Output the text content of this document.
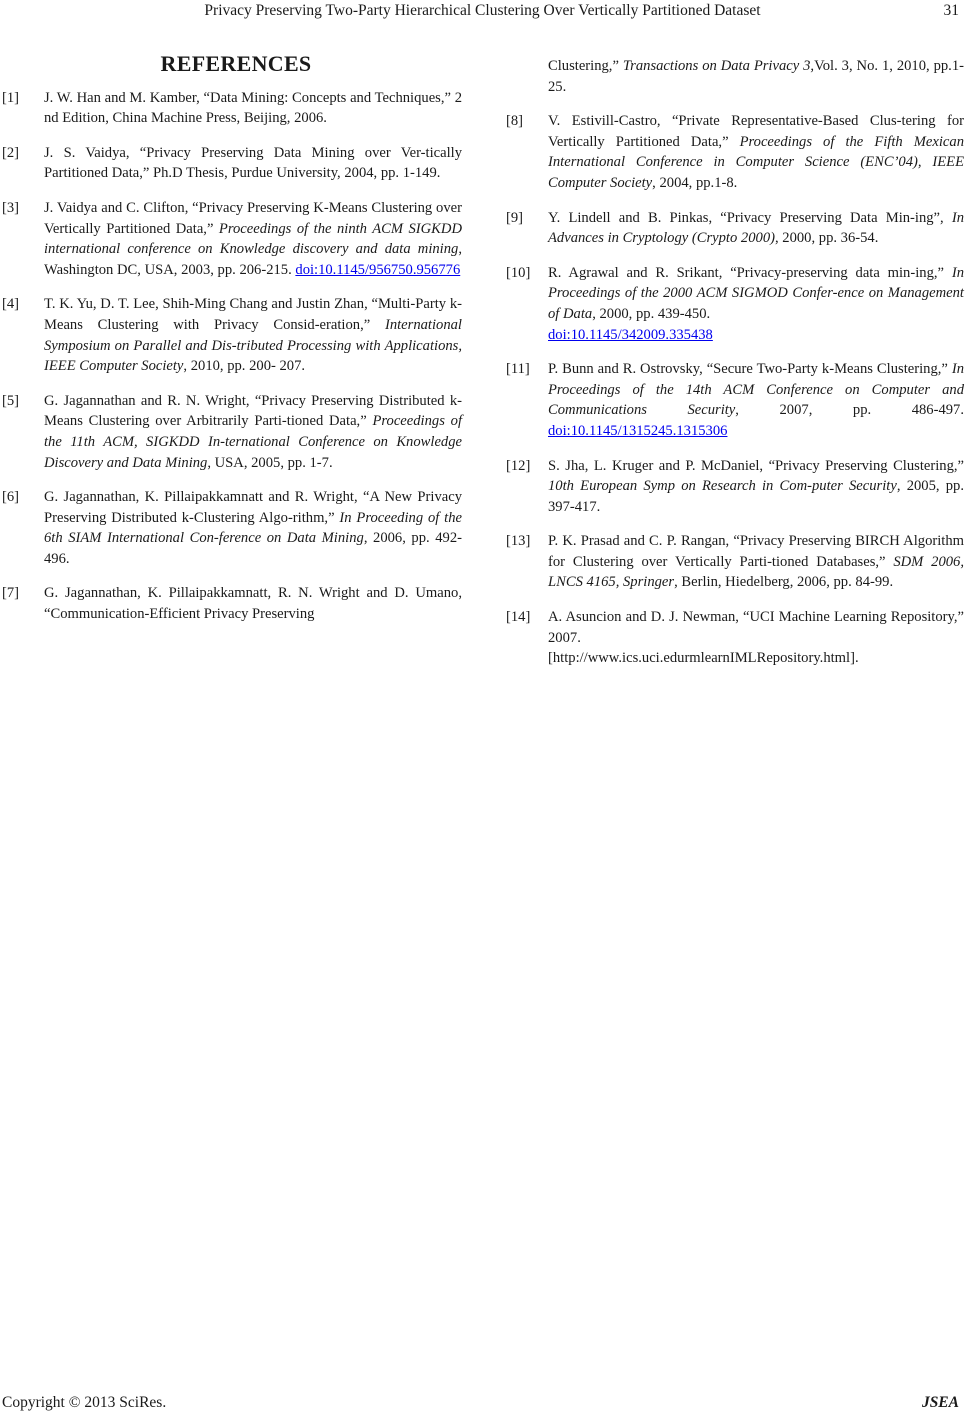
Privacy Preserving Two-Party Hierarchical Clustering Over Vertically Partitioned Dataset	31
REFERENCES
[1] J. W. Han and M. Kamber, “Data Mining: Concepts and Techniques,” 2 nd Edition, China Machine Press, Beijing, 2006.
[2] J. S. Vaidya, “Privacy Preserving Data Mining over Ver-tically Partitioned Data,” Ph.D Thesis, Purdue University, 2004, pp. 1-149.
[3] J. Vaidya and C. Clifton, “Privacy Preserving K-Means Clustering over Vertically Partitioned Data,” Proceedings of the ninth ACM SIGKDD international conference on Knowledge discovery and data mining, Washington DC, USA, 2003, pp. 206-215. doi:10.1145/956750.956776
[4] T. K. Yu, D. T. Lee, Shih-Ming Chang and Justin Zhan, “Multi-Party k-Means Clustering with Privacy Consid-eration,” International Symposium on Parallel and Dis-tributed Processing with Applications, IEEE Computer Society, 2010, pp. 200- 207.
[5] G. Jagannathan and R. N. Wright, “Privacy Preserving Distributed k-Means Clustering over Arbitrarily Parti-tioned Data,” Proceedings of the 11th ACM, SIGKDD In-ternational Conference on Knowledge Discovery and Data Mining, USA, 2005, pp. 1-7.
[6] G. Jagannathan, K. Pillaipakkamnatt and R. Wright, “A New Privacy Preserving Distributed k-Clustering Algo-rithm,” In Proceeding of the 6th SIAM International Con-ference on Data Mining, 2006, pp. 492-496.
[7] G. Jagannathan, K. Pillaipakkamnatt, R. N. Wright and D. Umano, “Communication-Efficient Privacy Preserving
Clustering,” Transactions on Data Privacy 3,Vol. 3, No. 1, 2010, pp.1-25.
[8] V. Estivill-Castro, “Private Representative-Based Clus-tering for Vertically Partitioned Data,” Proceedings of the Fifth Mexican International Conference in Computer Science (ENC’04), IEEE Computer Society, 2004, pp.1-8.
[9] Y. Lindell and B. Pinkas, “Privacy Preserving Data Min-ing”, In Advances in Cryptology (Crypto 2000), 2000, pp. 36-54.
[10] R. Agrawal and R. Srikant, “Privacy-preserving data min-ing,” In Proceedings of the 2000 ACM SIGMOD Confer-ence on Management of Data, 2000, pp. 439-450.
doi:10.1145/342009.335438
[11] P. Bunn and R. Ostrovsky, “Secure Two-Party k-Means Clustering,” In Proceedings of the 14th ACM Conference on Computer and Communications Security, 2007, pp. 486-497. doi:10.1145/1315245.1315306
[12] S. Jha, L. Kruger and P. McDaniel, “Privacy Preserving Clustering,” 10th European Symp on Research in Com-puter Security, 2005, pp. 397-417.
[13] P. K. Prasad and C. P. Rangan, “Privacy Preserving BIRCH Algorithm for Clustering over Vertically Parti-tioned Databases,” SDM 2006, LNCS 4165, Springer, Berlin, Hiedelberg, 2006, pp. 84-99.
[14] A. Asuncion and D. J. Newman, “UCI Machine Learning Repository,” 2007.
[http://www.ics.uci.edurmlearnIMLRepository.html].
Copyright © 2013 SciRes.	JSEA
